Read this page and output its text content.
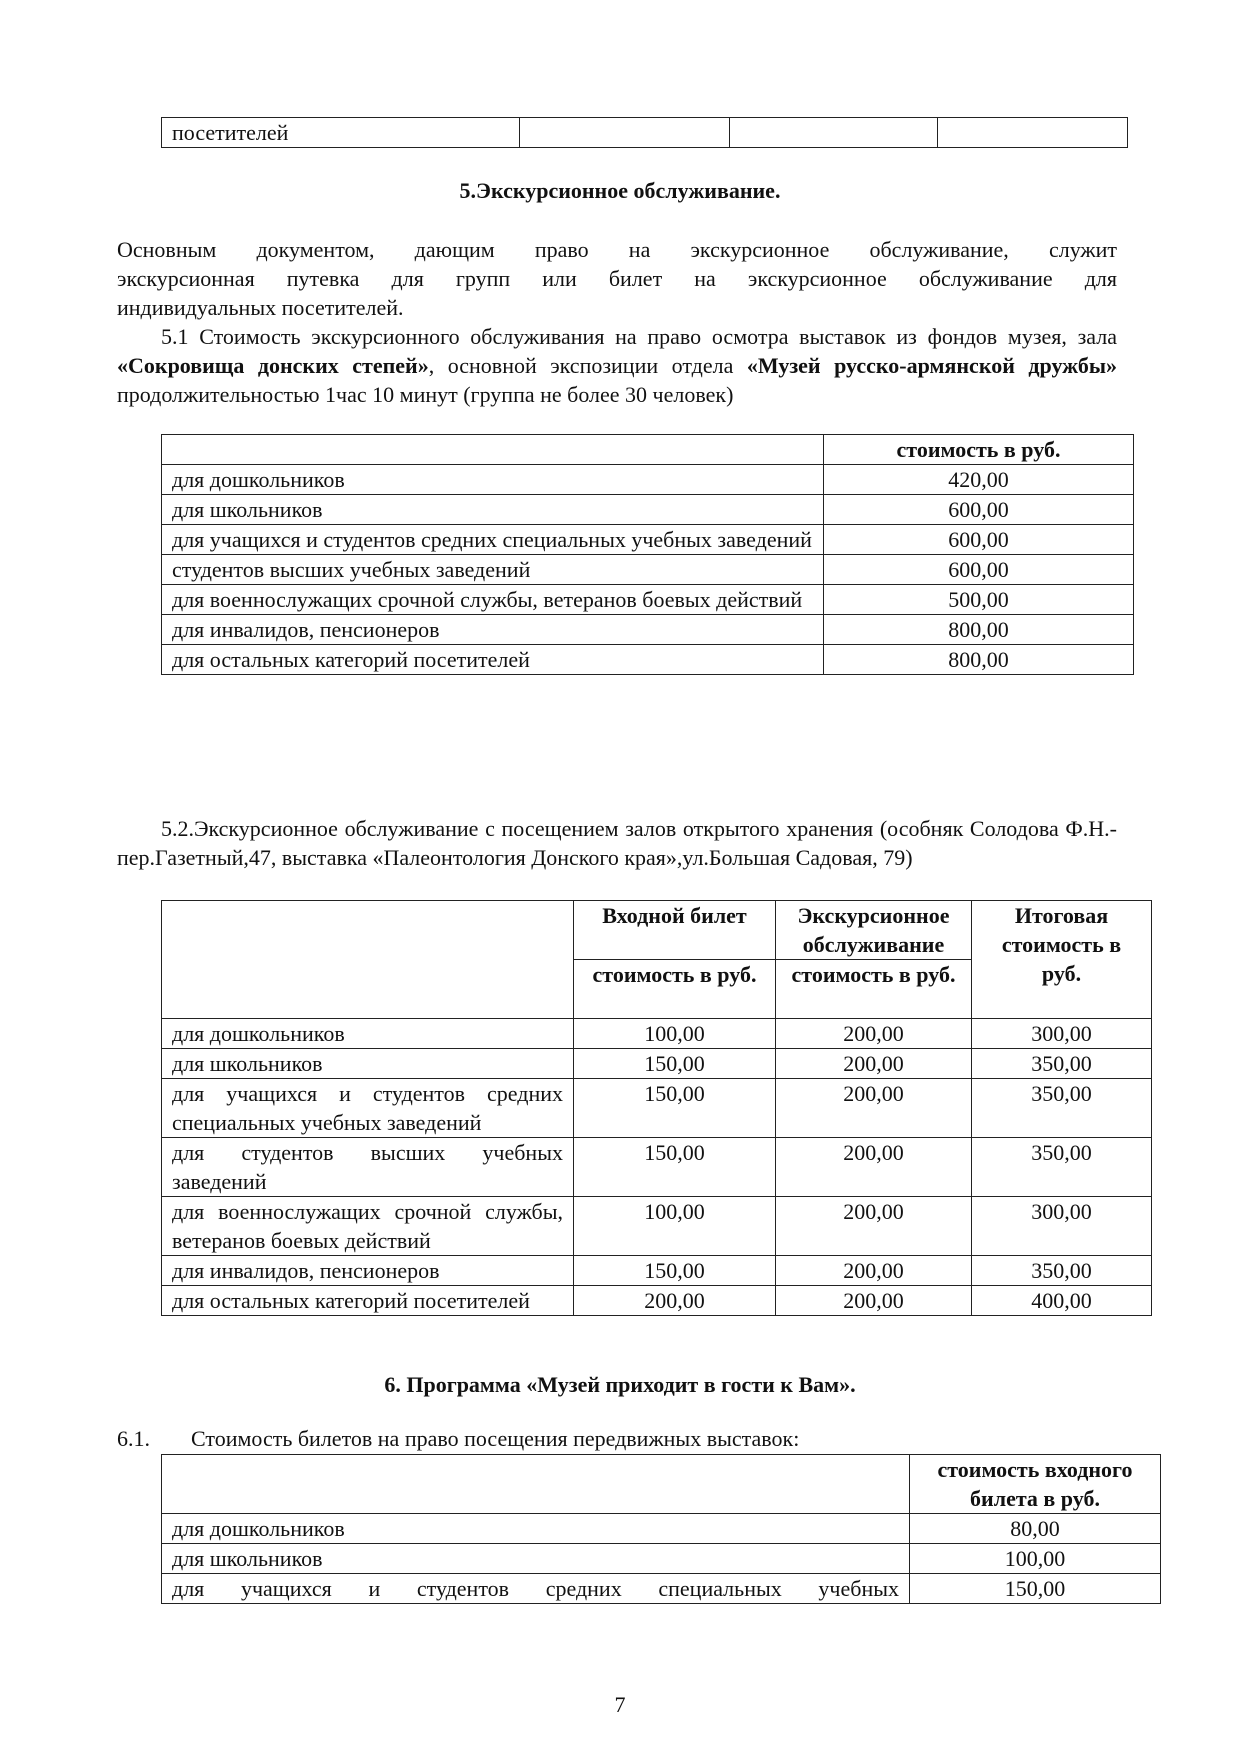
посетителей			
5.Экскурсионное обслуживание.
Основным документом, дающим право на экскурсионное обслуживание, служит
экскурсионная путевка для групп или билет на экскурсионное обслуживание для
индивидуальных посетителей.
5.1 Стоимость экскурсионного обслуживания на право осмотра выставок из фондов музея, зала «Сокровища донских степей», основной экспозиции отдела «Музей русско-армянской дружбы» продолжительностью 1час 10 минут (группа не более 30 человек)
	стоимость в руб.
для дошкольников	420,00
для школьников	600,00
для учащихся и студентов средних специальных учебных заведений	600,00
студентов высших учебных заведений	600,00
для военнослужащих срочной службы, ветеранов боевых действий	500,00
для инвалидов, пенсионеров	800,00
для остальных категорий посетителей	800,00
5.2.Экскурсионное обслуживание с посещением залов открытого хранения (особняк Солодова Ф.Н.- пер.Газетный,47, выставка «Палеонтология Донского края»,ул.Большая Садовая, 79)
	Входной билет	Экскурсионное обслуживание	Итоговая стоимость в руб.
	стоимость в руб.	стоимость в руб.	
для дошкольников	100,00	200,00	300,00
для школьников	150,00	200,00	350,00
для учащихся и студентов средних специальных учебных заведений	150,00	200,00	350,00
для студентов высших учебных заведений	150,00	200,00	350,00
для военнослужащих срочной службы, ветеранов боевых действий	100,00	200,00	300,00
для инвалидов, пенсионеров	150,00	200,00	350,00
для остальных категорий посетителей	200,00	200,00	400,00
6. Программа «Музей приходит в гости к Вам».
6.1. Стоимость билетов на право посещения передвижных выставок:
	стоимость входного билета в руб.
для дошкольников	80,00
для школьников	100,00
для учащихся и студентов средних специальных учебных	150,00
7
